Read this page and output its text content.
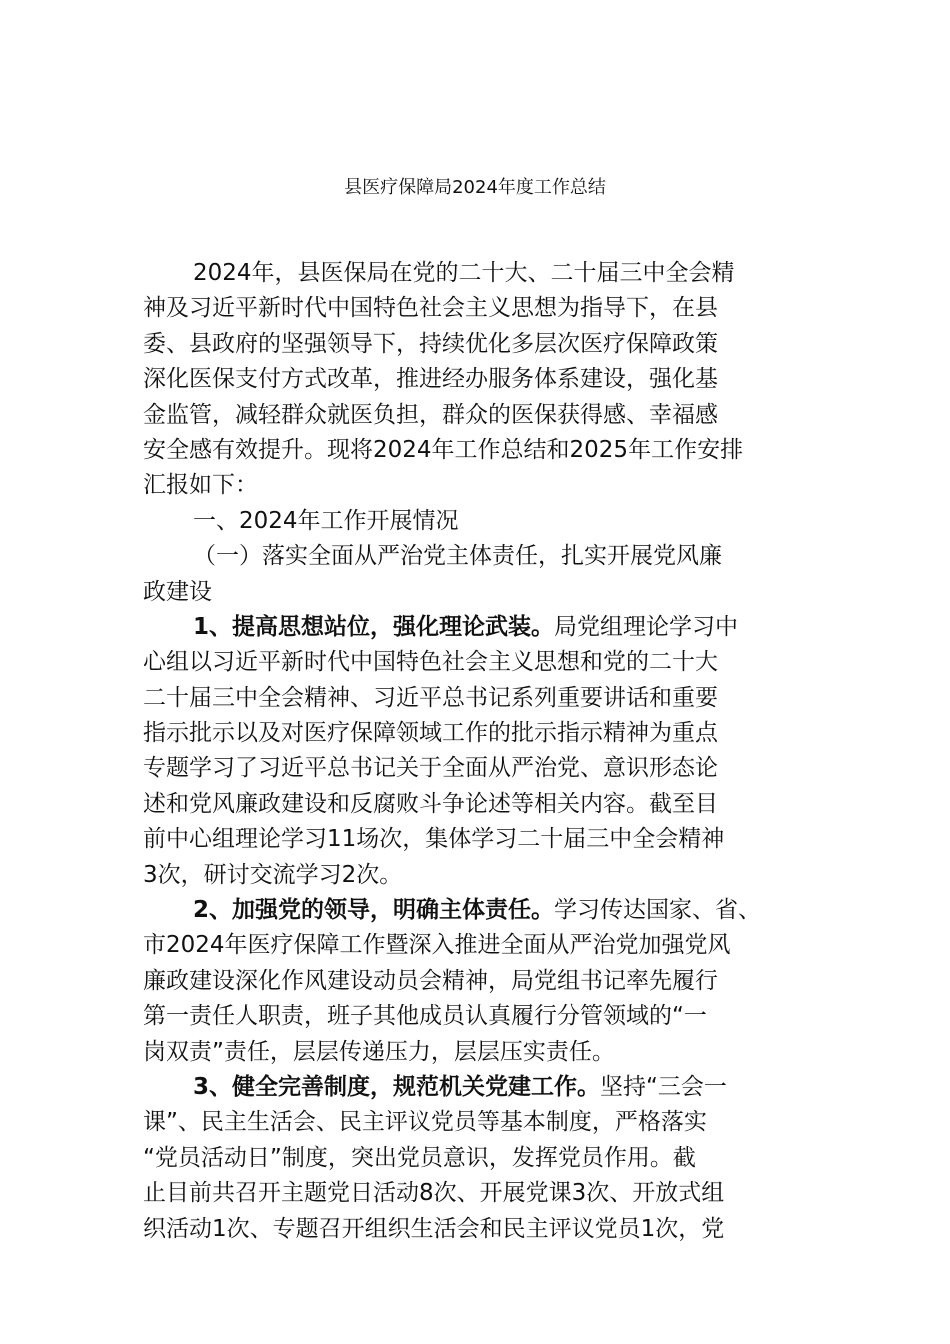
县医疗保障局2024年度工作总结
2024年，县医保局在党的二十大、二十届三中全会精
神及习近平新时代中国特色社会主义思想为指导下，在县
委、县政府的坚强领导下，持续优化多层次医疗保障政策
深化医保支付方式改革，推进经办服务体系建设，强化基
金监管，减轻群众就医负担，群众的医保获得感、幸福感
安全感有效提升。现将2024年工作总结和2025年工作安排
汇报如下：
一、2024年工作开展情况
（一）落实全面从严治党主体责任，扎实开展党风廉
政建设
1、提高思想站位，强化理论武装。局党组理论学习中
心组以习近平新时代中国特色社会主义思想和党的二十大
二十届三中全会精神、习近平总书记系列重要讲话和重要
指示批示以及对医疗保障领域工作的批示指示精神为重点
专题学习了习近平总书记关于全面从严治党、意识形态论
述和党风廉政建设和反腐败斗争论述等相关内容。截至目
前中心组理论学习11场次，集体学习二十届三中全会精神
3次，研讨交流学习2次。
2、加强党的领导，明确主体责任。学习传达国家、省、
市2024年医疗保障工作暨深入推进全面从严治党加强党风
廉政建设深化作风建设动员会精神，局党组书记率先履行
第一责任人职责，班子其他成员认真履行分管领域的“一
岗双责”责任，层层传递压力，层层压实责任。
3、健全完善制度，规范机关党建工作。坚持“三会一
课”、民主生活会、民主评议党员等基本制度，严格落实
“党员活动日”制度，突出党员意识，发挥党员作用。截
止目前共召开主题党日活动8次、开展党课3次、开放式组
织活动1次、专题召开组织生活会和民主评议党员1次，党
